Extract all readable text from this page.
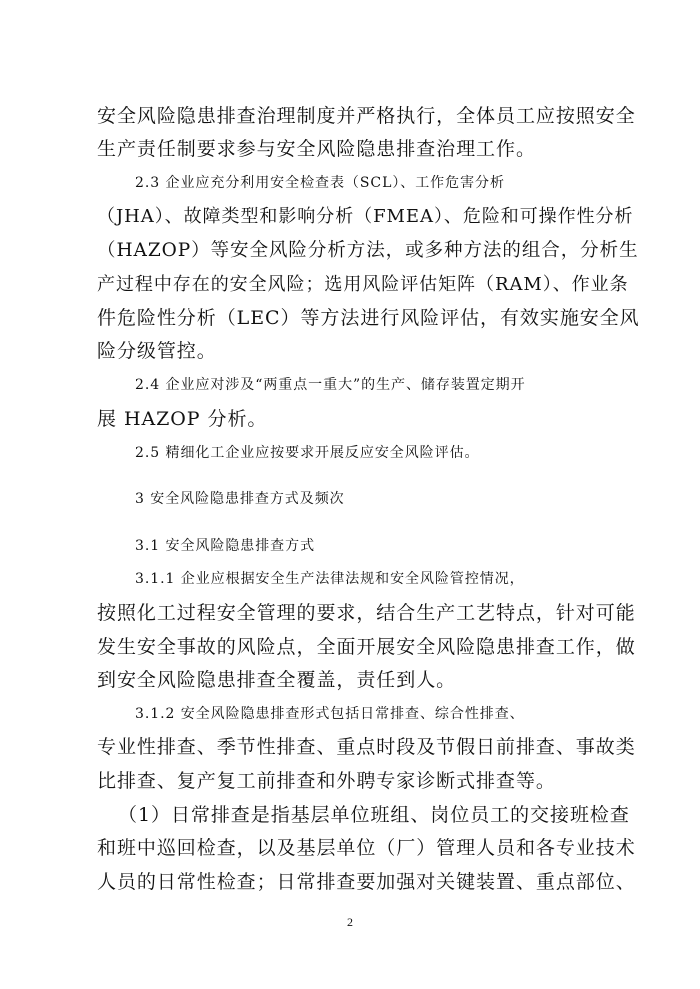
安全风险隐患排查治理制度并严格执行，全体员工应按照安全
生产责任制要求参与安全风险隐患排查治理工作。
2.3 企业应充分利用安全检查表（SCL）、工作危害分析
（JHA）、故障类型和影响分析（FMEA）、危险和可操作性分析
（HAZOP）等安全风险分析方法，或多种方法的组合，分析生
产过程中存在的安全风险；选用风险评估矩阵（RAM）、作业条
件危险性分析（LEC）等方法进行风险评估，有效实施安全风
险分级管控。
2.4 企业应对涉及“两重点一重大”的生产、储存装置定期开
展 HAZOP 分析。
2.5 精细化工企业应按要求开展反应安全风险评估。
3 安全风险隐患排查方式及频次
3.1 安全风险隐患排查方式
3.1.1 企业应根据安全生产法律法规和安全风险管控情况，
按照化工过程安全管理的要求，结合生产工艺特点，针对可能
发生安全事故的风险点，全面开展安全风险隐患排查工作，做
到安全风险隐患排查全覆盖，责任到人。
3.1.2 安全风险隐患排查形式包括日常排查、综合性排查、
专业性排查、季节性排查、重点时段及节假日前排查、事故类
比排查、复产复工前排查和外聘专家诊断式排查等。
（1）日常排查是指基层单位班组、岗位员工的交接班检查
和班中巡回检查，以及基层单位（厂）管理人员和各专业技术
人员的日常性检查；日常排查要加强对关键装置、重点部位、
2
